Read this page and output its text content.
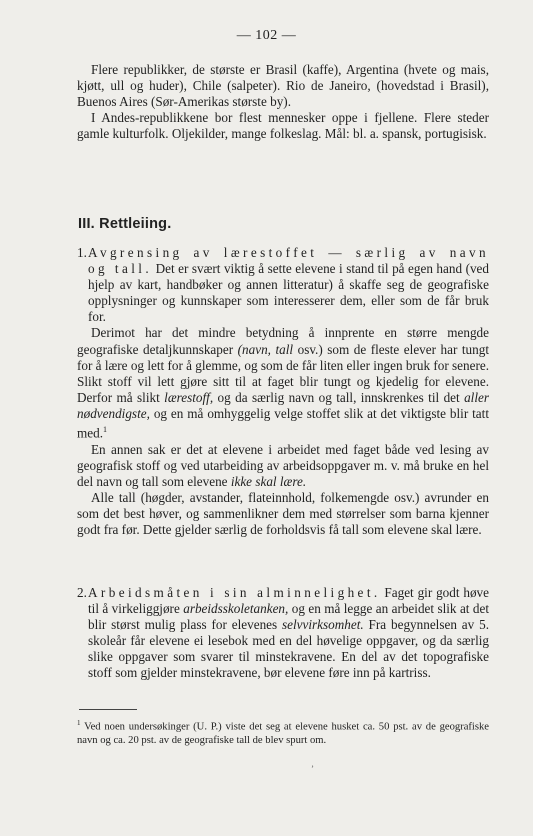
— 102 —

Flere republikker, de største er Brasil (kaffe), Argentina (hvete og mais, kjøtt, ull og huder), Chile (salpeter). Rio de Janeiro, (hovedstad i Brasil), Buenos Aires (Sør-Amerikas største by).

I Andes-republikkene bor flest mennesker oppe i fjellene. Flere steder gamle kulturfolk. Oljekilder, mange folkeslag. Mål: bl. a. spansk, portugisisk.

III. Rettleiing.
1. Avgrensing av lærestoffet — særlig av navn og tall. Det er svært viktig å sette elevene i stand til på egen hand (ved hjelp av kart, handbøker og annen litteratur) å skaffe seg de geografiske opplysninger og kunnskaper som interesserer dem, eller som de får bruk for.

Derimot har det mindre betydning å innprente en større mengde geografiske detaljkunnskaper (navn, tall osv.) som de fleste elever har tungt for å lære og lett for å glemme, og som de får liten eller ingen bruk for senere. Slikt stoff vil lett gjøre sitt til at faget blir tungt og kjedelig for elevene. Derfor må slikt lærestoff, og da særlig navn og tall, innskrenkes til det aller nødvendigste, og en må omhyggelig velge stoffet slik at det viktigste blir tatt med.$^1$

En annen sak er det at elevene i arbeidet med faget både ved lesing av geografisk stoff og ved utarbeiding av arbeidsoppgaver m. v. må bruke en hel del navn og tall som elevene ikke skal lære.

Alle tall (høgder, avstander, flateinnhold, folkemengde osv.) avrunder en som det best høver, og sammenlikner dem med størrelser som barna kjenner godt fra før. Dette gjelder særlig de forholdsvis få tall som elevene skal lære.

2. Arbeidsmåten i sin alminnelighet. Faget gir godt høve til å virkeliggjøre arbeidsskoletanken, og en må legge an arbeidet slik at det blir størst mulig plass for elevenes selvvirksomhet. Fra begynnelsen av 5. skoleår får elevene ei lesebok med en del høvelige oppgaver, og da særlig slike oppgaver som svarer til minstekravene. En del av det topografiske stoff som gjelder minstekravene, bør elevene føre inn på kartriss.

$^1$ Ved noen undersøkinger (U. P.) viste det seg at elevene husket ca. 50 pst. av de geografiske navn og ca. 20 pst. av de geografiske tall de blev spurt om.
ʼ
